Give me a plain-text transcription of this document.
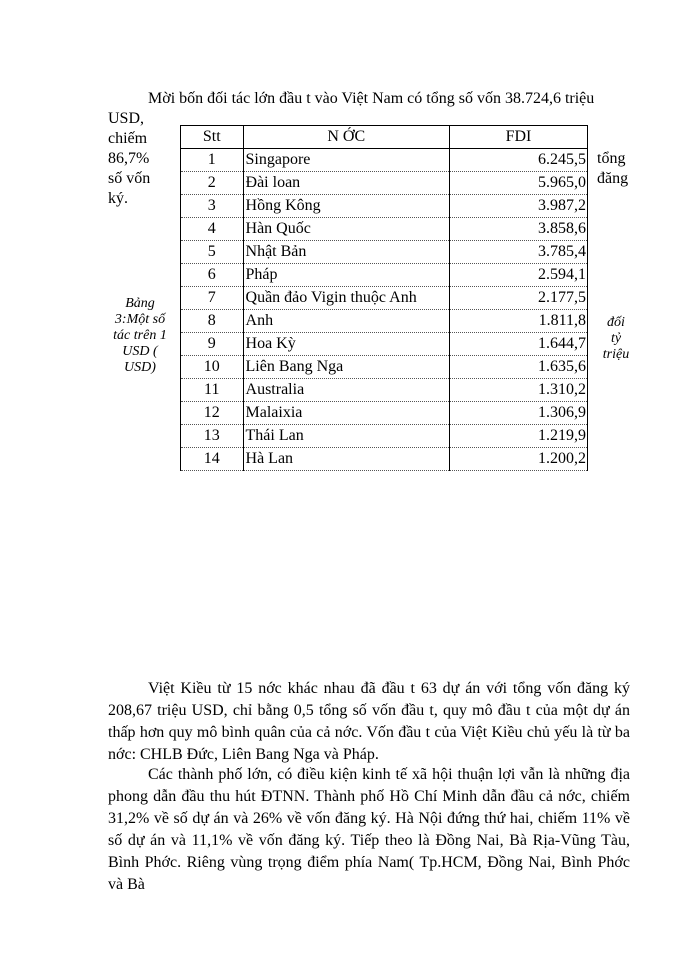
Mời bốn đối tác lớn đầu t vào Việt Nam có tổng số vốn 38.724,6 triệu
USD,
chiếm
86,7%
số vốn
ký.
tổng
đăng
Stt	N ỚC	FDI
1	Singapore	6.245,5
2	Đài loan	5.965,0
3	Hồng Kông	3.987,2
4	Hàn Quốc	3.858,6
5	Nhật Bản	3.785,4
6	Pháp	2.594,1
7	Quần đảo Vigin thuộc Anh	2.177,5
8	Anh	1.811,8
9	Hoa Kỳ	1.644,7
10	Liên Bang Nga	1.635,6
11	Australia	1.310,2
12	Malaixia	1.306,9
13	Thái Lan	1.219,9
14	Hà Lan	1.200,2
Bảng
3:Một số
tác trên 1
USD (
USD)
đối
tỷ
triệu
Việt Kiều từ 15 nớc khác nhau đã đầu t 63 dự án với tổng vốn đăng ký 208,67 triệu USD, chỉ bằng 0,5 tổng số vốn đầu t, quy mô đầu t của một dự án thấp hơn quy mô bình quân của cả nớc. Vốn đầu t của Việt Kiều chủ yếu là từ ba nớc: CHLB Đức, Liên Bang Nga và Pháp.
Các thành phố lớn, có điều kiện kinh tế xã hội thuận lợi vẫn là những địa phong dẫn đầu thu hút ĐTNN. Thành phố Hồ Chí Minh dẫn đầu cả nớc, chiếm 31,2% về số dự án và 26% về vốn đăng ký. Hà Nội đứng thứ hai, chiếm 11% về số dự án và 11,1% về vốn đăng ký. Tiếp theo là Đồng Nai, Bà Rịa-Vũng Tàu, Bình Phớc. Riêng vùng trọng điểm phía Nam( Tp.HCM, Đồng Nai, Bình Phớc và Bà
